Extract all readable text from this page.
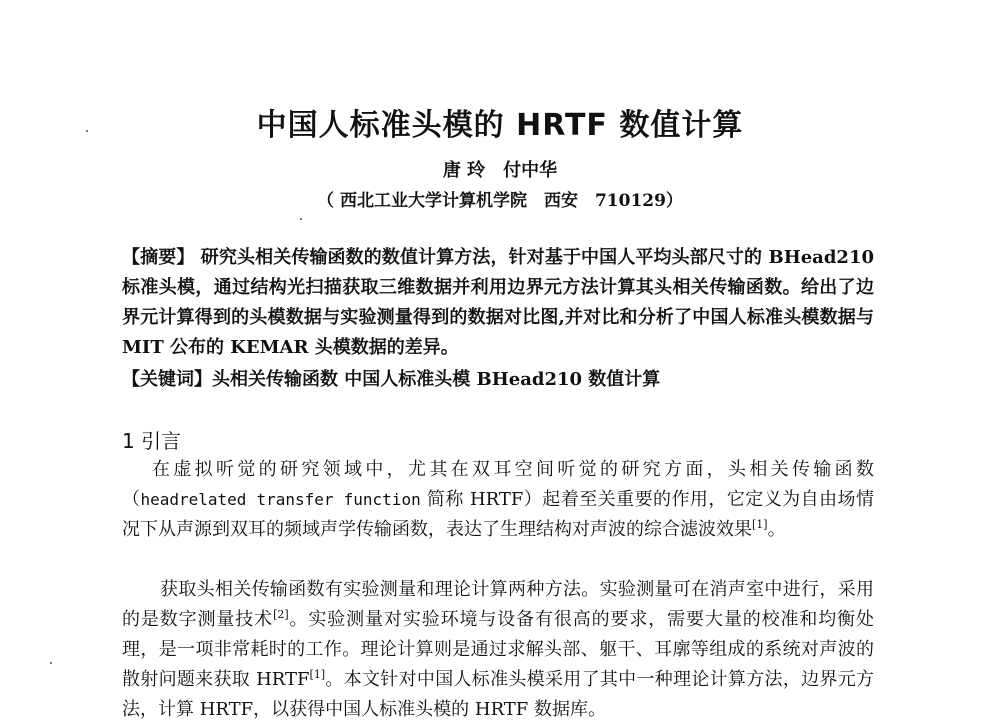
中国人标准头模的 HRTF 数值计算
唐 玲　付中华
（ 西北工业大学计算机学院　西安　710129）
【摘要】 研究头相关传输函数的数值计算方法，针对基于中国人平均头部尺寸的 BHead210 标准头模，通过结构光扫描获取三维数据并利用边界元方法计算其头相关传输函数。给出了边界元计算得到的头模数据与实验测量得到的数据对比图,并对比和分析了中国人标准头模数据与 MIT 公布的 KEMAR 头模数据的差异。
【关键词】头相关传输函数 中国人标准头模 BHead210 数值计算
1 引言
在虚拟听觉的研究领域中，尤其在双耳空间听觉的研究方面，头相关传输函数（headrelated transfer function 简称 HRTF）起着至关重要的作用，它定义为自由场情况下从声源到双耳的频域声学传输函数，表达了生理结构对声波的综合滤波效果[1]。
获取头相关传输函数有实验测量和理论计算两种方法。实验测量可在消声室中进行，采用的是数字测量技术[2]。实验测量对实验环境与设备有很高的要求，需要大量的校准和均衡处理，是一项非常耗时的工作。理论计算则是通过求解头部、躯干、耳廓等组成的系统对声波的散射问题来获取 HRTF[1]。本文针对中国人标准头模采用了其中一种理论计算方法，边界元方法，计算 HRTF，以获得中国人标准头模的 HRTF 数据库。
